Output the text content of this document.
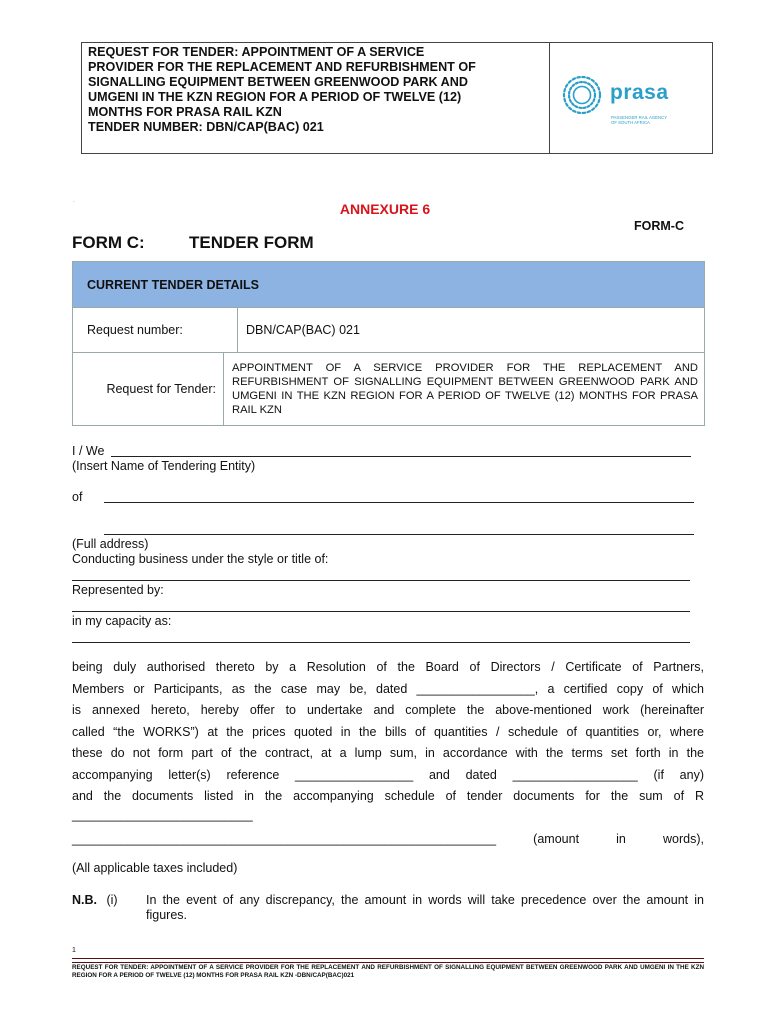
REQUEST FOR TENDER: APPOINTMENT OF A SERVICE
PROVIDER FOR THE REPLACEMENT AND REFURBISHMENT OF
SIGNALLING EQUIPMENT BETWEEN GREENWOOD PARK AND
UMGENI IN THE KZN REGION FOR A PERIOD OF TWELVE (12)
MONTHS FOR PRASA RAIL KZN
TENDER NUMBER: DBN/CAP(BAC) 021
prasa
PASSENGER RAIL AGENCY OF SOUTH AFRICA
.	ANNEXURE 6
FORM-C
FORM C:	TENDER FORM
CURRENT TENDER DETAILS
Request number:	DBN/CAP(BAC) 021
Request for Tender:
APPOINTMENT OF A SERVICE PROVIDER FOR THE REPLACEMENT AND REFURBISHMENT OF SIGNALLING EQUIPMENT BETWEEN GREENWOOD PARK AND UMGENI IN THE KZN REGION FOR A PERIOD OF TWELVE (12) MONTHS FOR PRASA RAIL KZN
I / We
(Insert Name of Tendering Entity)
of
(Full address)
Conducting business under the style or title of:
Represented by:
in my capacity as:
being duly authorised thereto by a Resolution of the Board of Directors / Certificate of Partners,
Members or Participants, as the case may be, dated _________________, a certified copy of which
is annexed hereto, hereby offer to undertake and complete the above-mentioned work (hereinafter
called “the WORKS”) at the prices quoted in the bills of quantities / schedule of quantities or, where
these do not form part of the contract, at a lump sum, in accordance with the terms set forth in the
accompanying letter(s) reference _________________ and dated __________________ (if any)
and the documents listed in the accompanying schedule of tender documents for the sum of R
__________________________
_____________________________________________________________ (amount in words),
(All applicable taxes included)
N.B. (i) In the event of any discrepancy, the amount in words will take precedence over the amount in figures.
1
REQUEST FOR TENDER: APPOINTMENT OF A SERVICE PROVIDER FOR THE REPLACEMENT AND REFURBISHMENT OF SIGNALLING EQUIPMENT BETWEEN GREENWOOD PARK AND UMGENI IN THE KZN REGION FOR A PERIOD OF TWELVE (12) MONTHS FOR PRASA RAIL KZN -DBN/CAP(BAC)021
